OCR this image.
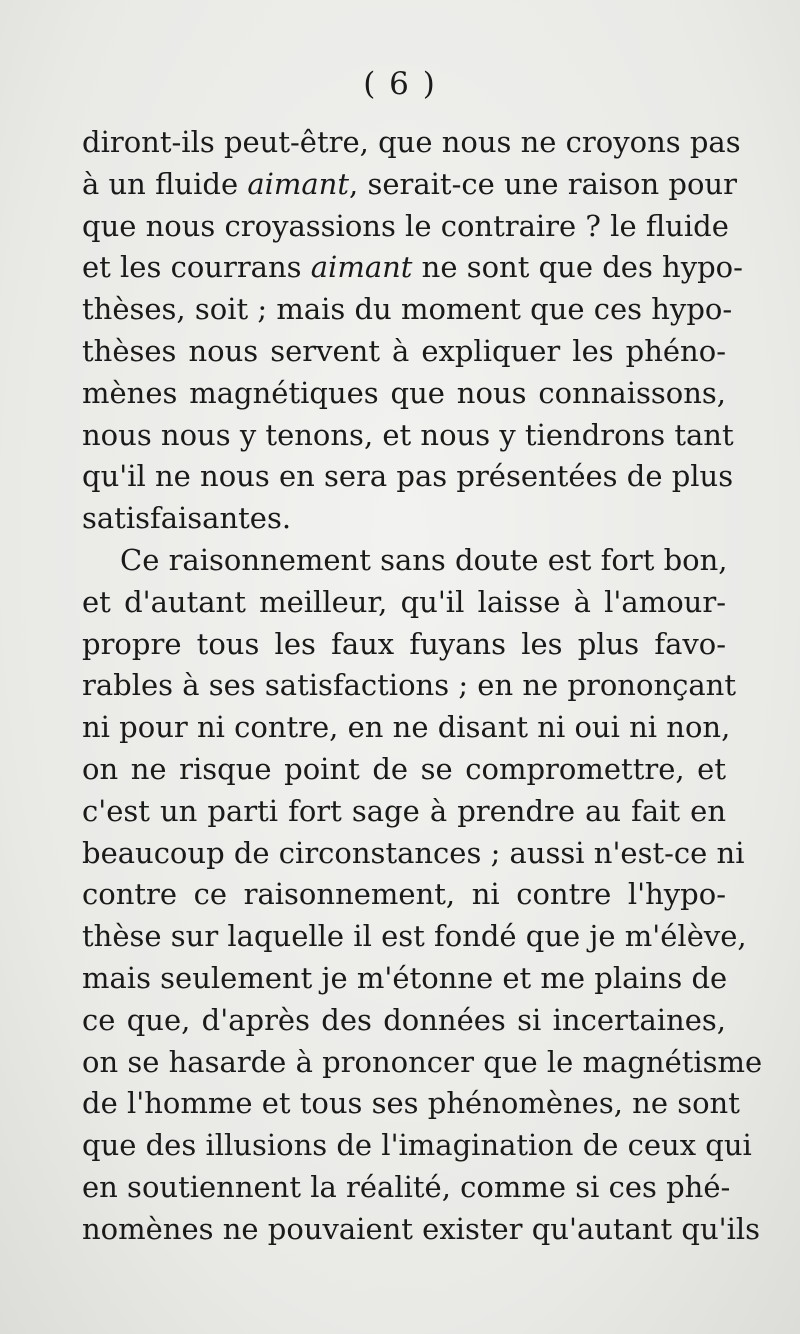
( 6 )
diront-ils peut-être, que nous ne croyons pas
à un fluide aimant, serait-ce une raison pour
que nous croyassions le contraire ? le fluide
et les courrans aimant ne sont que des hypo-
thèses, soit ; mais du moment que ces hypo-
thèses nous servent à expliquer les phéno-
mènes magnétiques que nous connaissons,
nous nous y tenons, et nous y tiendrons tant
qu'il ne nous en sera pas présentées de plus
satisfaisantes.
Ce raisonnement sans doute est fort bon,
et d'autant meilleur, qu'il laisse à l'amour-
propre tous les faux fuyans les plus favo-
rables à ses satisfactions ; en ne prononçant
ni pour ni contre, en ne disant ni oui ni non,
on ne risque point de se compromettre, et
c'est un parti fort sage à prendre au fait en
beaucoup de circonstances ; aussi n'est-ce ni
contre ce raisonnement, ni contre l'hypo-
thèse sur laquelle il est fondé que je m'élève,
mais seulement je m'étonne et me plains de
ce que, d'après des données si incertaines,
on se hasarde à prononcer que le magnétisme
de l'homme et tous ses phénomènes, ne sont
que des illusions de l'imagination de ceux qui
en soutiennent la réalité, comme si ces phé-
nomènes ne pouvaient exister qu'autant qu'ils
